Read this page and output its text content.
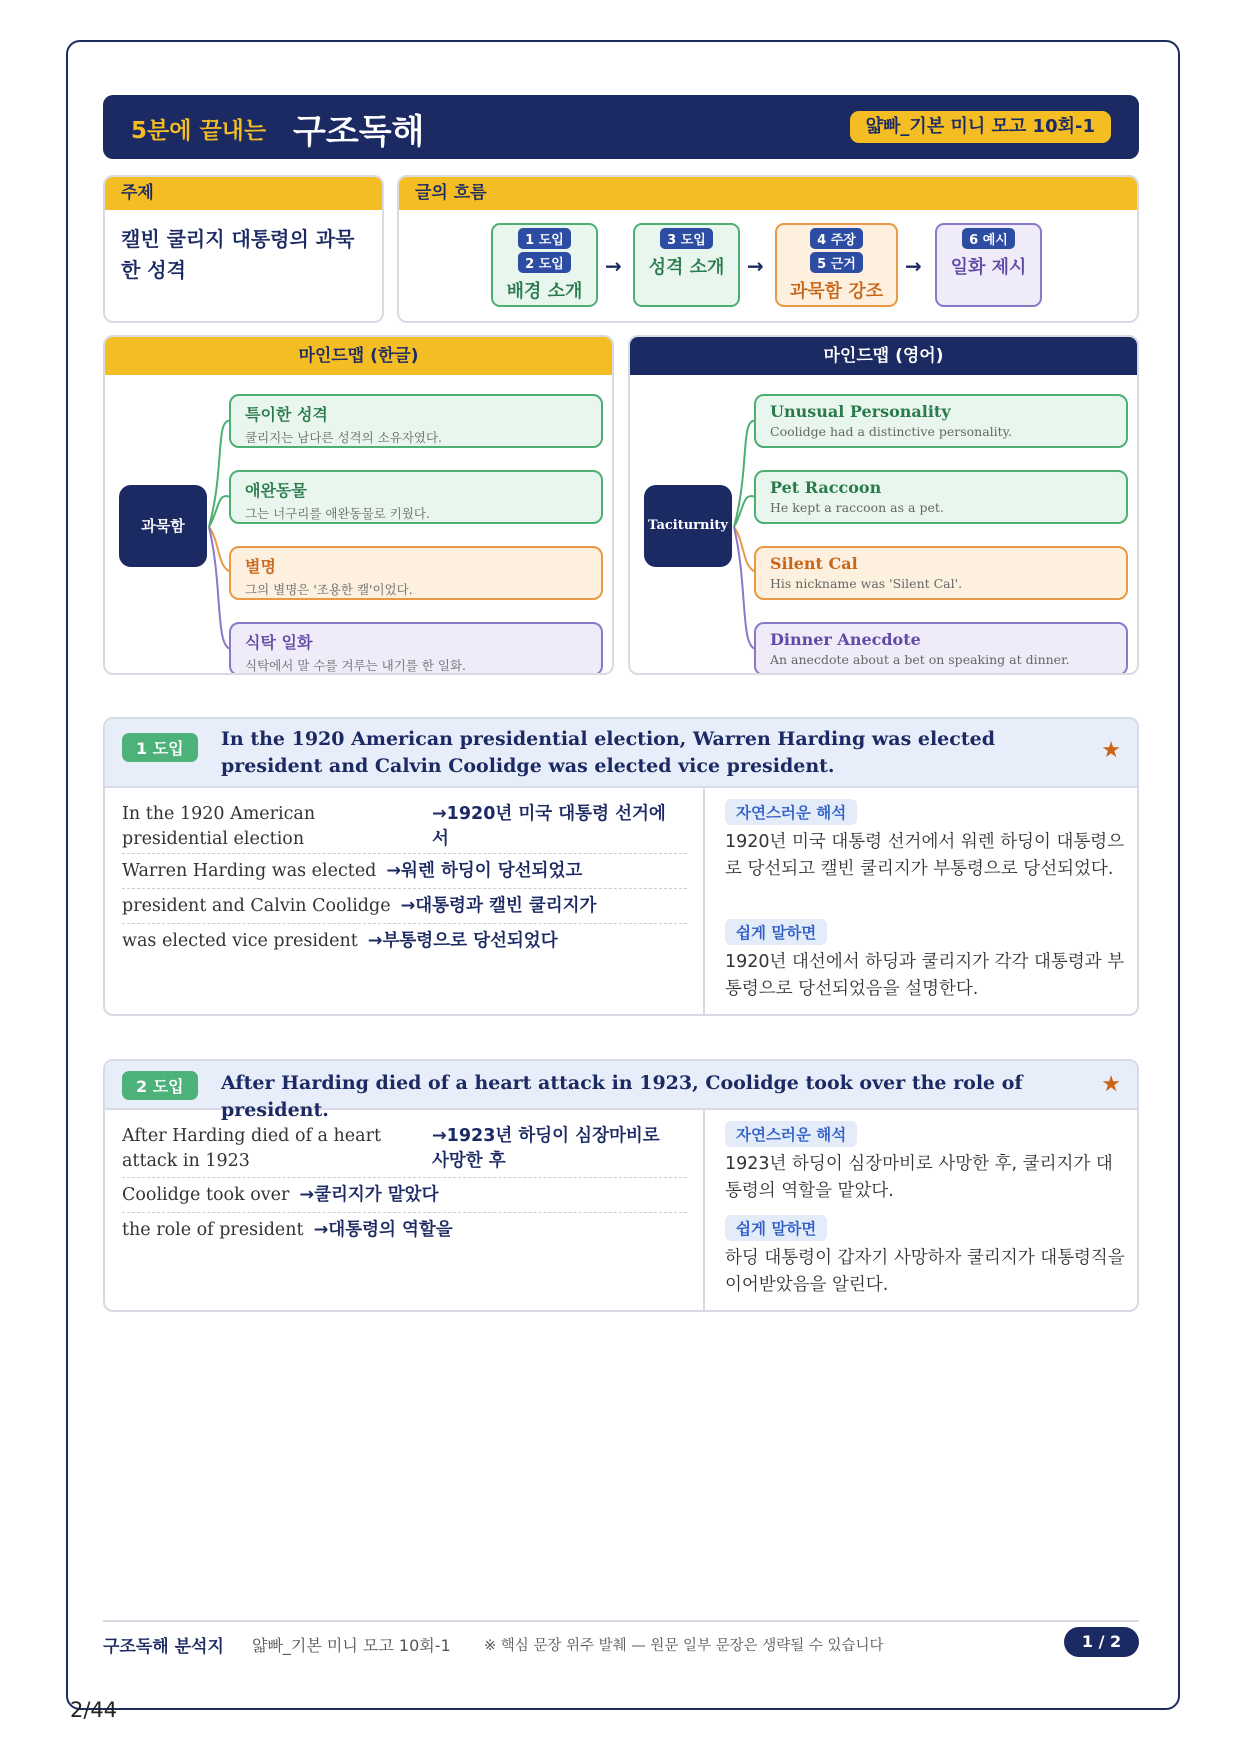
5분에 끝내는 구조독해	얇빠_기본 미니 모고 10회-1
주제
캘빈 쿨리지 대통령의 과묵한 성격
글의 흐름
1 도입
2 도입
배경 소개
→
3 도입
성격 소개	→
4 주장
5 근거
과묵함 강조
→
6 예시
일화 제시
마인드맵 (한글)
과묵함
특이한 성격
쿨리지는 남다른 성격의 소유자였다.
애완동물
그는 너구리를 애완동물로 키웠다.
별명
그의 별명은 '조용한 캘'이었다.
식탁 일화
식탁에서 말 수를 겨루는 내기를 한 일화.
마인드맵 (영어)
Taciturnity
Unusual Personality
Coolidge had a distinctive personality.
Pet Raccoon
He kept a raccoon as a pet.
Silent Cal
His nickname was 'Silent Cal'.
Dinner Anecdote
An anecdote about a bet on speaking at dinner.
1 도입	In the 1920 American presidential election, Warren Harding was elected president and Calvin Coolidge was elected vice president.
★
In the 1920 American presidential election
→1920년 미국 대통령 선거에서
Warren Harding was elected →워렌 하딩이 당선되었고
president and Calvin Coolidge →대통령과 캘빈 쿨리지가
was elected vice president →부통령으로 당선되었다
자연스러운 해석
1920년 미국 대통령 선거에서 워렌 하딩이 대통령으로 당선되고 캘빈 쿨리지가 부통령으로 당선되었다.
쉽게 말하면
1920년 대선에서 하딩과 쿨리지가 각각 대통령과 부통령으로 당선되었음을 설명한다.
2 도입	After Harding died of a heart attack in 1923, Coolidge took over the role of president.
★
After Harding died of a heart attack in 1923
→1923년 하딩이 심장마비로 사망한 후
Coolidge took over →쿨리지가 맡았다
the role of president →대통령의 역할을
자연스러운 해석
1923년 하딩이 심장마비로 사망한 후, 쿨리지가 대통령의 역할을 맡았다.
쉽게 말하면
하딩 대통령이 갑자기 사망하자 쿨리지가 대통령직을 이어받았음을 알린다.
구조독해 분석지 얇빠_기본 미니 모고 10회-1 ※ 핵심 문장 위주 발췌 — 원문 일부 문장은 생략될 수 있습니다	1 / 2
2/44
